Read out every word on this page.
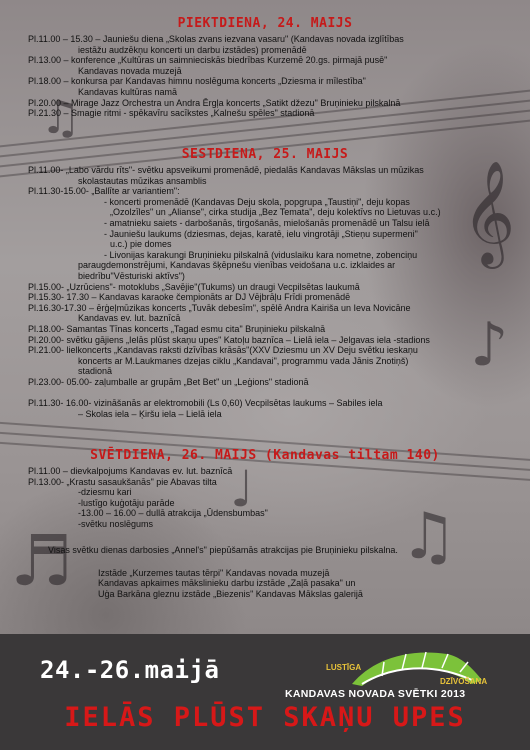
𝄞
♫
♪
♬
♩
♫

PIEKTDIENA, 24. MAIJS

Pl.11.00 – 15.30 – Jauniešu diena „Skolas zvans iezvana vasaru" (Kandavas novada izglītības

iestāžu audzēkņu koncerti un darbu izstādes) promenādē

Pl.13.00 – konference „Kultūras un saimnieciskās biedrības Kurzemē 20.gs. pirmajā pusē"

Kandavas novada muzejā

Pl.18.00 – konkursa par Kandavas himnu noslēguma koncerts „Dziesma ir mīlestība"

Kandavas kultūras namā

Pl.20.00 – Mirage Jazz Orchestra un Andra Ērgļa koncerts „Satikt džezu" Bruņinieku pilskalnā

Pl.21.30 – Smagie ritmi - spēkavīru sacīkstes „Kalnešu spēles" stadionā

SESTDIENA, 25. MAIJS

Pl.11.00- „Labo vārdu rīts"- svētku apsveikumi promenādē, piedalās Kandavas Mākslas un mūzikas

skolastautas mūzikas ansamblis

Pl.11.30-15.00- „Ballīte ar variantiem":

- koncerti promenādē (Kandavas Deju skola, popgrupa „Taustiņi", deju kopas

„Ozolzīles" un „Alianse", cirka studija „Bez Temata", deju kolektīvs no Lietuvas u.c.)

- amatnieku saiets - darbošanās, tirgošanās, mielošanās promenādē un Talsu ielā

- Jauniešu laukums (dziesmas, dejas, karatē, ielu vingrotāji „Stieņu supermeni"

u.c.) pie domes

- Livonijas karakungi Bruņinieku pilskalnā (viduslaiku kara nometne, zobenciņu

paraugdemonstrējumi, Kandavas šķēpnešu vienības veidošana u.c. izklaides ar

biedrību"Vēsturiski aktīvs")

Pl.15.00- „Uzrūciens"- motoklubs „Savējie"(Tukums) un draugi Vecpilsētas laukumā

Pl.15.30- 17.30 – Kandavas karaoke čempionāts ar DJ Vējbrāļu Frīdi promenādē

Pl.16.30-17.30 – ērģeļmūzikas koncerts „Tuvāk debesīm", spēlē Andra Kairiša un Ieva Novicāne

Kandavas ev. lut. baznīcā

Pl.18.00- Samantas Tīnas koncerts „Tagad esmu cita" Bruņinieku pilskalnā

Pl.20.00- svētku gājiens „Ielās plūst skaņu upes" Katoļu baznīca – Lielā iela – Jelgavas iela -stadions

Pl.21.00- lielkoncerts „Kandavas raksti dzīvības krāsās"(XXV Dziesmu un XV Deju svētku ieskaņu

koncerts ar M.Laukmanes dzejas ciklu „Kandavai", programmu vada Jānis Znotiņš)

stadionā

Pl.23.00- 05.00- zaļumballe ar grupām „Bet Bet" un „Leģions" stadionā

Pl.11.30- 16.00- vizināšanās ar elektromobili (Ls 0,60) Vecpilsētas laukums – Sabiles iela

– Skolas iela – Ķiršu iela – Lielā iela

SVĒTDIENA, 26. MAIJS (Kandavas tiltam 140)

Pl.11.00 – dievkalpojums Kandavas ev. lut. baznīcā

Pl.13.00- „Krastu sasaukšanās" pie Abavas tilta

-dziesmu kari

-lustīgo kuģotāju parāde

-13.00 – 16.00 – dullā atrakcija „Ūdensbumbas"

-svētku noslēgums

Visas svētku dienas darbosies „Annel's" piepūšamās atrakcijas pie Bruņinieku pilskalna.

Izstāde „Kurzemes tautas tērpi" Kandavas novada muzejā

Kandavas apkaimes mākslinieku darbu izstāde „Zaļā pasaka" un

Uģa Barkāna gleznu izstāde „Biezenis" Kandavas Mākslas galerijā

24.-26.maijā	LUSTĪGA
DZĪVOŠANA
KANDAVAS NOVADA SVĒTKI 2013
IELĀS PLŪST SKAŅU UPES
